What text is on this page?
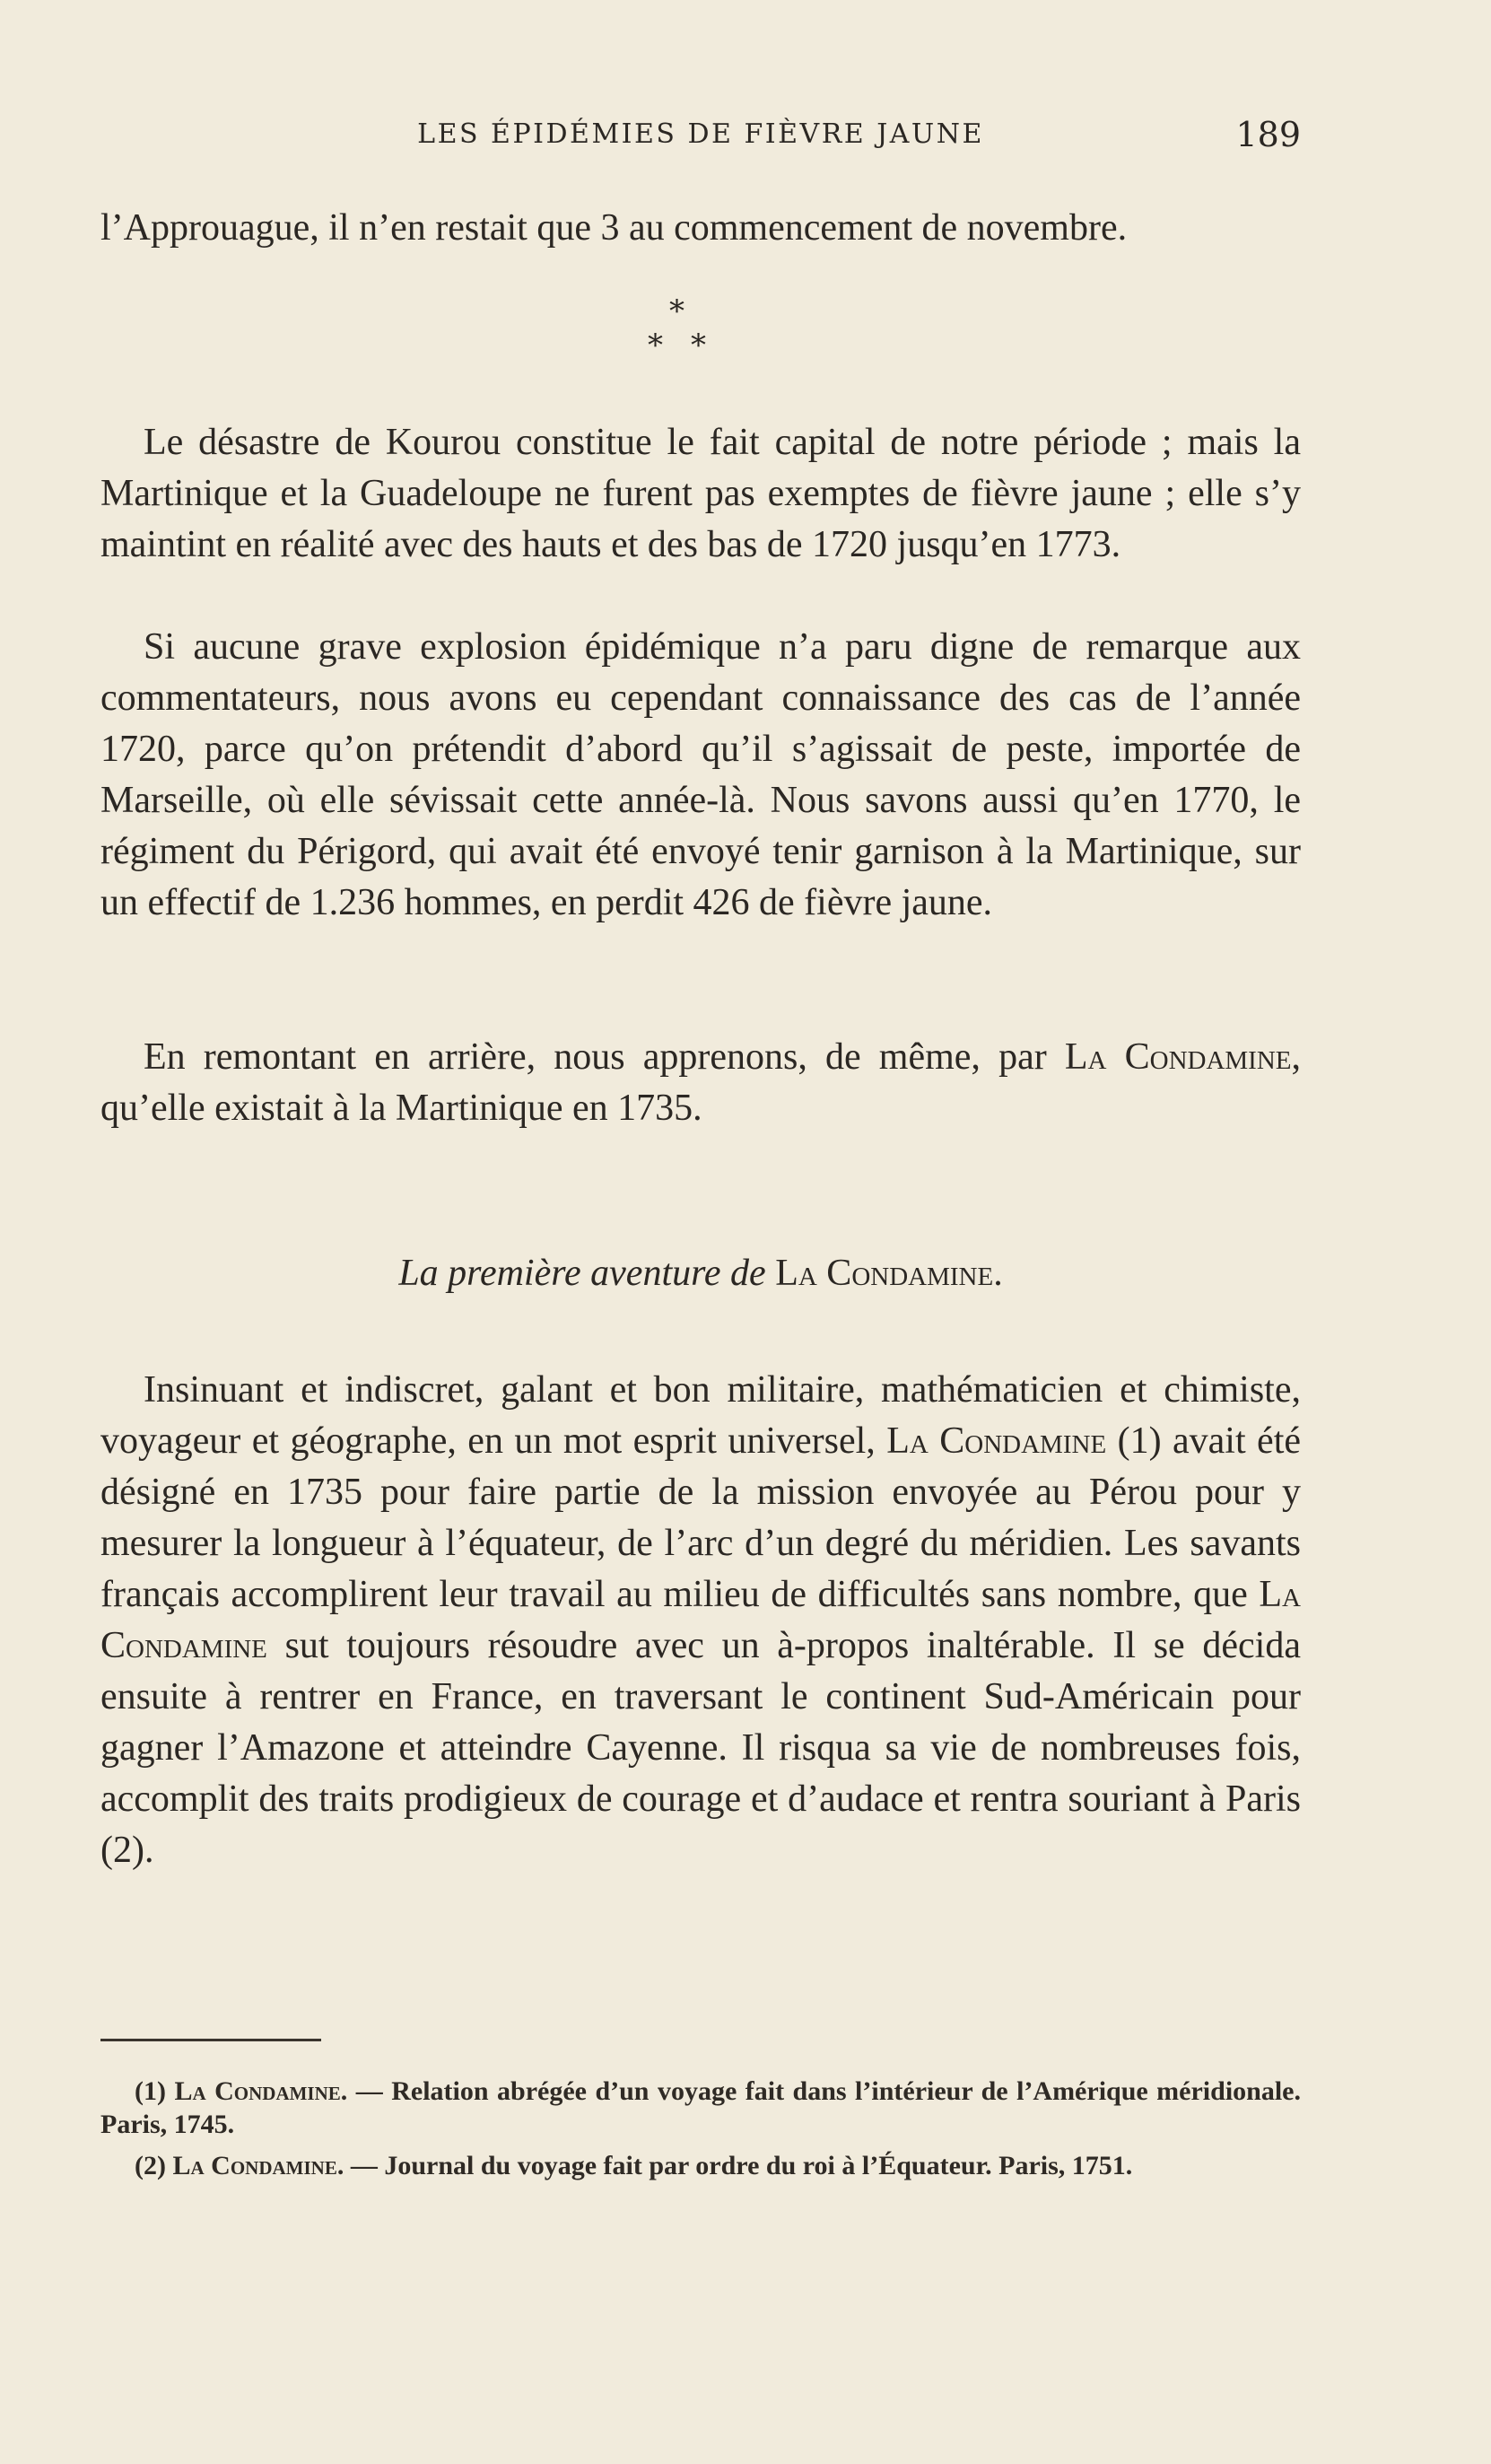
LES ÉPIDÉMIES DE FIÈVRE JAUNE	189

l’Approuague, il n’en restait que 3 au commencement de novembre.

*
* *

Le désastre de Kourou constitue le fait capital de notre période ; mais la Martinique et la Guadeloupe ne furent pas exemptes de fièvre jaune ; elle s’y maintint en réalité avec des hauts et des bas de 1720 jusqu’en 1773.

Si aucune grave explosion épidémique n’a paru digne de remarque aux commentateurs, nous avons eu cependant connaissance des cas de l’année 1720, parce qu’on prétendit d’abord qu’il s’agissait de peste, importée de Marseille, où elle sévissait cette année-là. Nous savons aussi qu’en 1770, le régiment du Périgord, qui avait été envoyé tenir garnison à la Martinique, sur un effectif de 1.236 hommes, en perdit 426 de fièvre jaune.

En remontant en arrière, nous apprenons, de même, par La Condamine, qu’elle existait à la Martinique en 1735.

La première aventure de La Condamine.

Insinuant et indiscret, galant et bon militaire, mathématicien et chimiste, voyageur et géographe, en un mot esprit universel, La Condamine (1) avait été désigné en 1735 pour faire partie de la mission envoyée au Pérou pour y mesurer la longueur à l’équateur, de l’arc d’un degré du méridien. Les savants français accomplirent leur travail au milieu de difficultés sans nombre, que La Condamine sut toujours résoudre avec un à-propos inaltérable. Il se décida ensuite à rentrer en France, en traversant le continent Sud-Américain pour gagner l’Amazone et atteindre Cayenne. Il risqua sa vie de nombreuses fois, accomplit des traits prodigieux de courage et d’audace et rentra souriant à Paris (2).

(1) La Condamine. — Relation abrégée d’un voyage fait dans l’intérieur de l’Amérique méridionale. Paris, 1745.

(2) La Condamine. — Journal du voyage fait par ordre du roi à l’Équateur. Paris, 1751.
